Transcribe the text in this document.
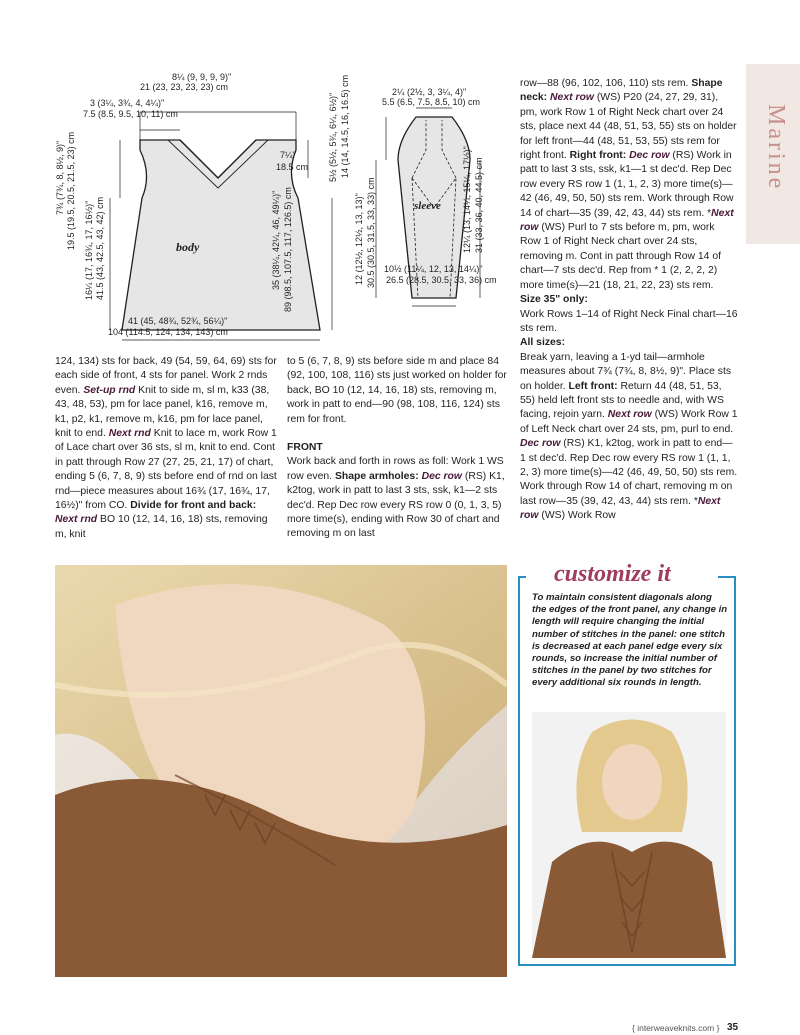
Marine
8¼ (9, 9, 9, 9)"
21 (23, 23, 23, 23) cm
3 (3¼, 3¾, 4, 4¼)"
7.5 (8.5, 9.5, 10, 11) cm
7¼"
18.5 cm
body
7¾ (7¾, 8, 8½, 9)" 19.5 (19.5, 20.5, 21.5, 23) cm
16¼ (17, 16¾, 17, 16½)" 41.5 (43, 42.5, 43, 42) cm	35 (38¼, 42¼, 46, 49¼)" 89 (98.5, 107.5, 117, 126.5) cm
41 (45, 48¾, 52¾, 56¼)"
104 (114.5, 124, 134, 143) cm
2¼ (2½, 3, 3¼, 4)"
5.5 (6.5, 7.5, 8.5, 10) cm
5½ (5½, 5¾, 6¼, 6½)" 14 (14, 14.5, 16, 16.5) cm
12 (12½, 12½, 13, 13)" 30.5 (30.5, 31.5, 33, 33) cm	sleeve 12¼ (13, 14¼, 15¼, 17½)" 31 (33, 36, 40, 44.5) cm
10½ (11¼, 12, 13, 14¼)"
26.5 (28.5, 30.5, 33, 36) cm
124, 134) sts for back, 49 (54, 59, 64, 69) sts for each side of front, 4 sts for panel. Work 2 rnds even. Set-up rnd Knit to side m, sl m, k33 (38, 43, 48, 53), pm for lace panel, k16, remove m, k1, p2, k1, remove m, k16, pm for lace panel, knit to end. Next rnd Knit to lace m, work Row 1 of Lace chart over 36 sts, sl m, knit to end. Cont in patt through Row 27 (27, 25, 21, 17) of chart, ending 5 (6, 7, 8, 9) sts before end of rnd on last rnd—piece measures about 16¾ (17, 16¾, 17, 16½)" from CO. Divide for front and back: Next rnd BO 10 (12, 14, 16, 18) sts, removing m, knit

to 5 (6, 7, 8, 9) sts before side m and place 84 (92, 100, 108, 116) sts just worked on holder for back, BO 10 (12, 14, 16, 18) sts, removing m, work in patt to end—90 (98, 108, 116, 124) sts rem for front.

FRONT

Work back and forth in rows as foll: Work 1 WS row even. Shape armholes: Dec row (RS) K1, k2tog, work in patt to last 3 sts, ssk, k1—2 sts dec'd. Rep Dec row every RS row 0 (0, 1, 3, 5) more time(s), ending with Row 30 of chart and removing m on last

row—88 (96, 102, 106, 110) sts rem. Shape neck: Next row (WS) P20 (24, 27, 29, 31), pm, work Row 1 of Right Neck chart over 24 sts, place next 44 (48, 51, 53, 55) sts on holder for left front—44 (48, 51, 53, 55) sts rem for right front. Right front: Dec row (RS) Work in patt to last 3 sts, ssk, k1—1 st dec'd. Rep Dec row every RS row 1 (1, 1, 2, 3) more time(s)—42 (46, 49, 50, 50) sts rem. Work through Row 14 of chart—35 (39, 42, 43, 44) sts rem. *Next row (WS) Purl to 7 sts before m, pm, work Row 1 of Right Neck chart over 24 sts, removing m. Cont in patt through Row 14 of chart—7 sts dec'd. Rep from * 1 (2, 2, 2, 2) more time(s)—21 (18, 21, 22, 23) sts rem.

Size 35" only:

Work Rows 1–14 of Right Neck Final chart—16 sts rem.

All sizes:

Break yarn, leaving a 1-yd tail—armhole measures about 7¾ (7¾, 8, 8½, 9)". Place sts on holder. Left front: Return 44 (48, 51, 53, 55) held left front sts to needle and, with WS facing, rejoin yarn. Next row (WS) Work Row 1 of Left Neck chart over 24 sts, pm, purl to end. Dec row (RS) K1, k2tog, work in patt to end—1 st dec'd. Rep Dec row every RS row 1 (1, 1, 2, 3) more time(s)—42 (46, 49, 50, 50) sts rem. Work through Row 14 of chart, removing m on last row—35 (39, 42, 43, 44) sts rem. *Next row (WS) Work Row

customize it
To maintain consistent diagonals along the edges of the front panel, any change in length will require changing the initial number of stitches in the panel: one stitch is decreased at each panel edge every six rounds, so increase the initial number of stitches in the panel by two stitches for every additional six rounds in length.
{ interweaveknits.com } 35
